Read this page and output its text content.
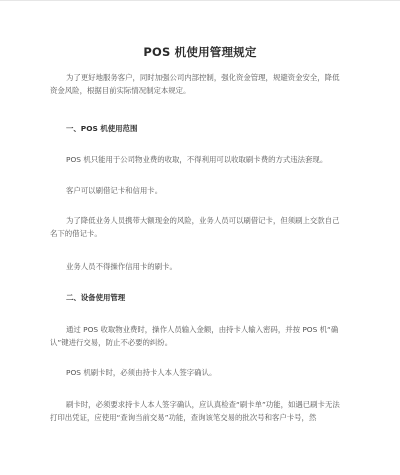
POS 机使用管理规定
为了更好地服务客户，同时加强公司内部控制，强化资金管理，规避资金安全，降低
资金风险，根据目前实际情况制定本规定。
一、POS 机使用范围
POS 机只能用于公司物业费的收取，不得利用可以收取刷卡费的方式违法套现。
客户可以刷借记卡和信用卡。
为了降低业务人员携带大额现金的风险，业务人员可以刷借记卡，但须刷上交款自己
名下的借记卡。
业务人员不得操作信用卡的刷卡。
二、设备使用管理
通过 POS 收取物业费时，操作人员输入金额，由持卡人输入密码，并按 POS 机“确
认”键进行交易，防止不必要的纠纷。
POS 机刷卡时，必须由持卡人本人签字确认。
刷卡时，必须要求持卡人本人签字确认，应认真检查“刷卡单”功能，如遇已刷卡无法
打印出凭证，应使用“查询当前交易”功能，查询该笔交易的批次号和客户卡号，然
